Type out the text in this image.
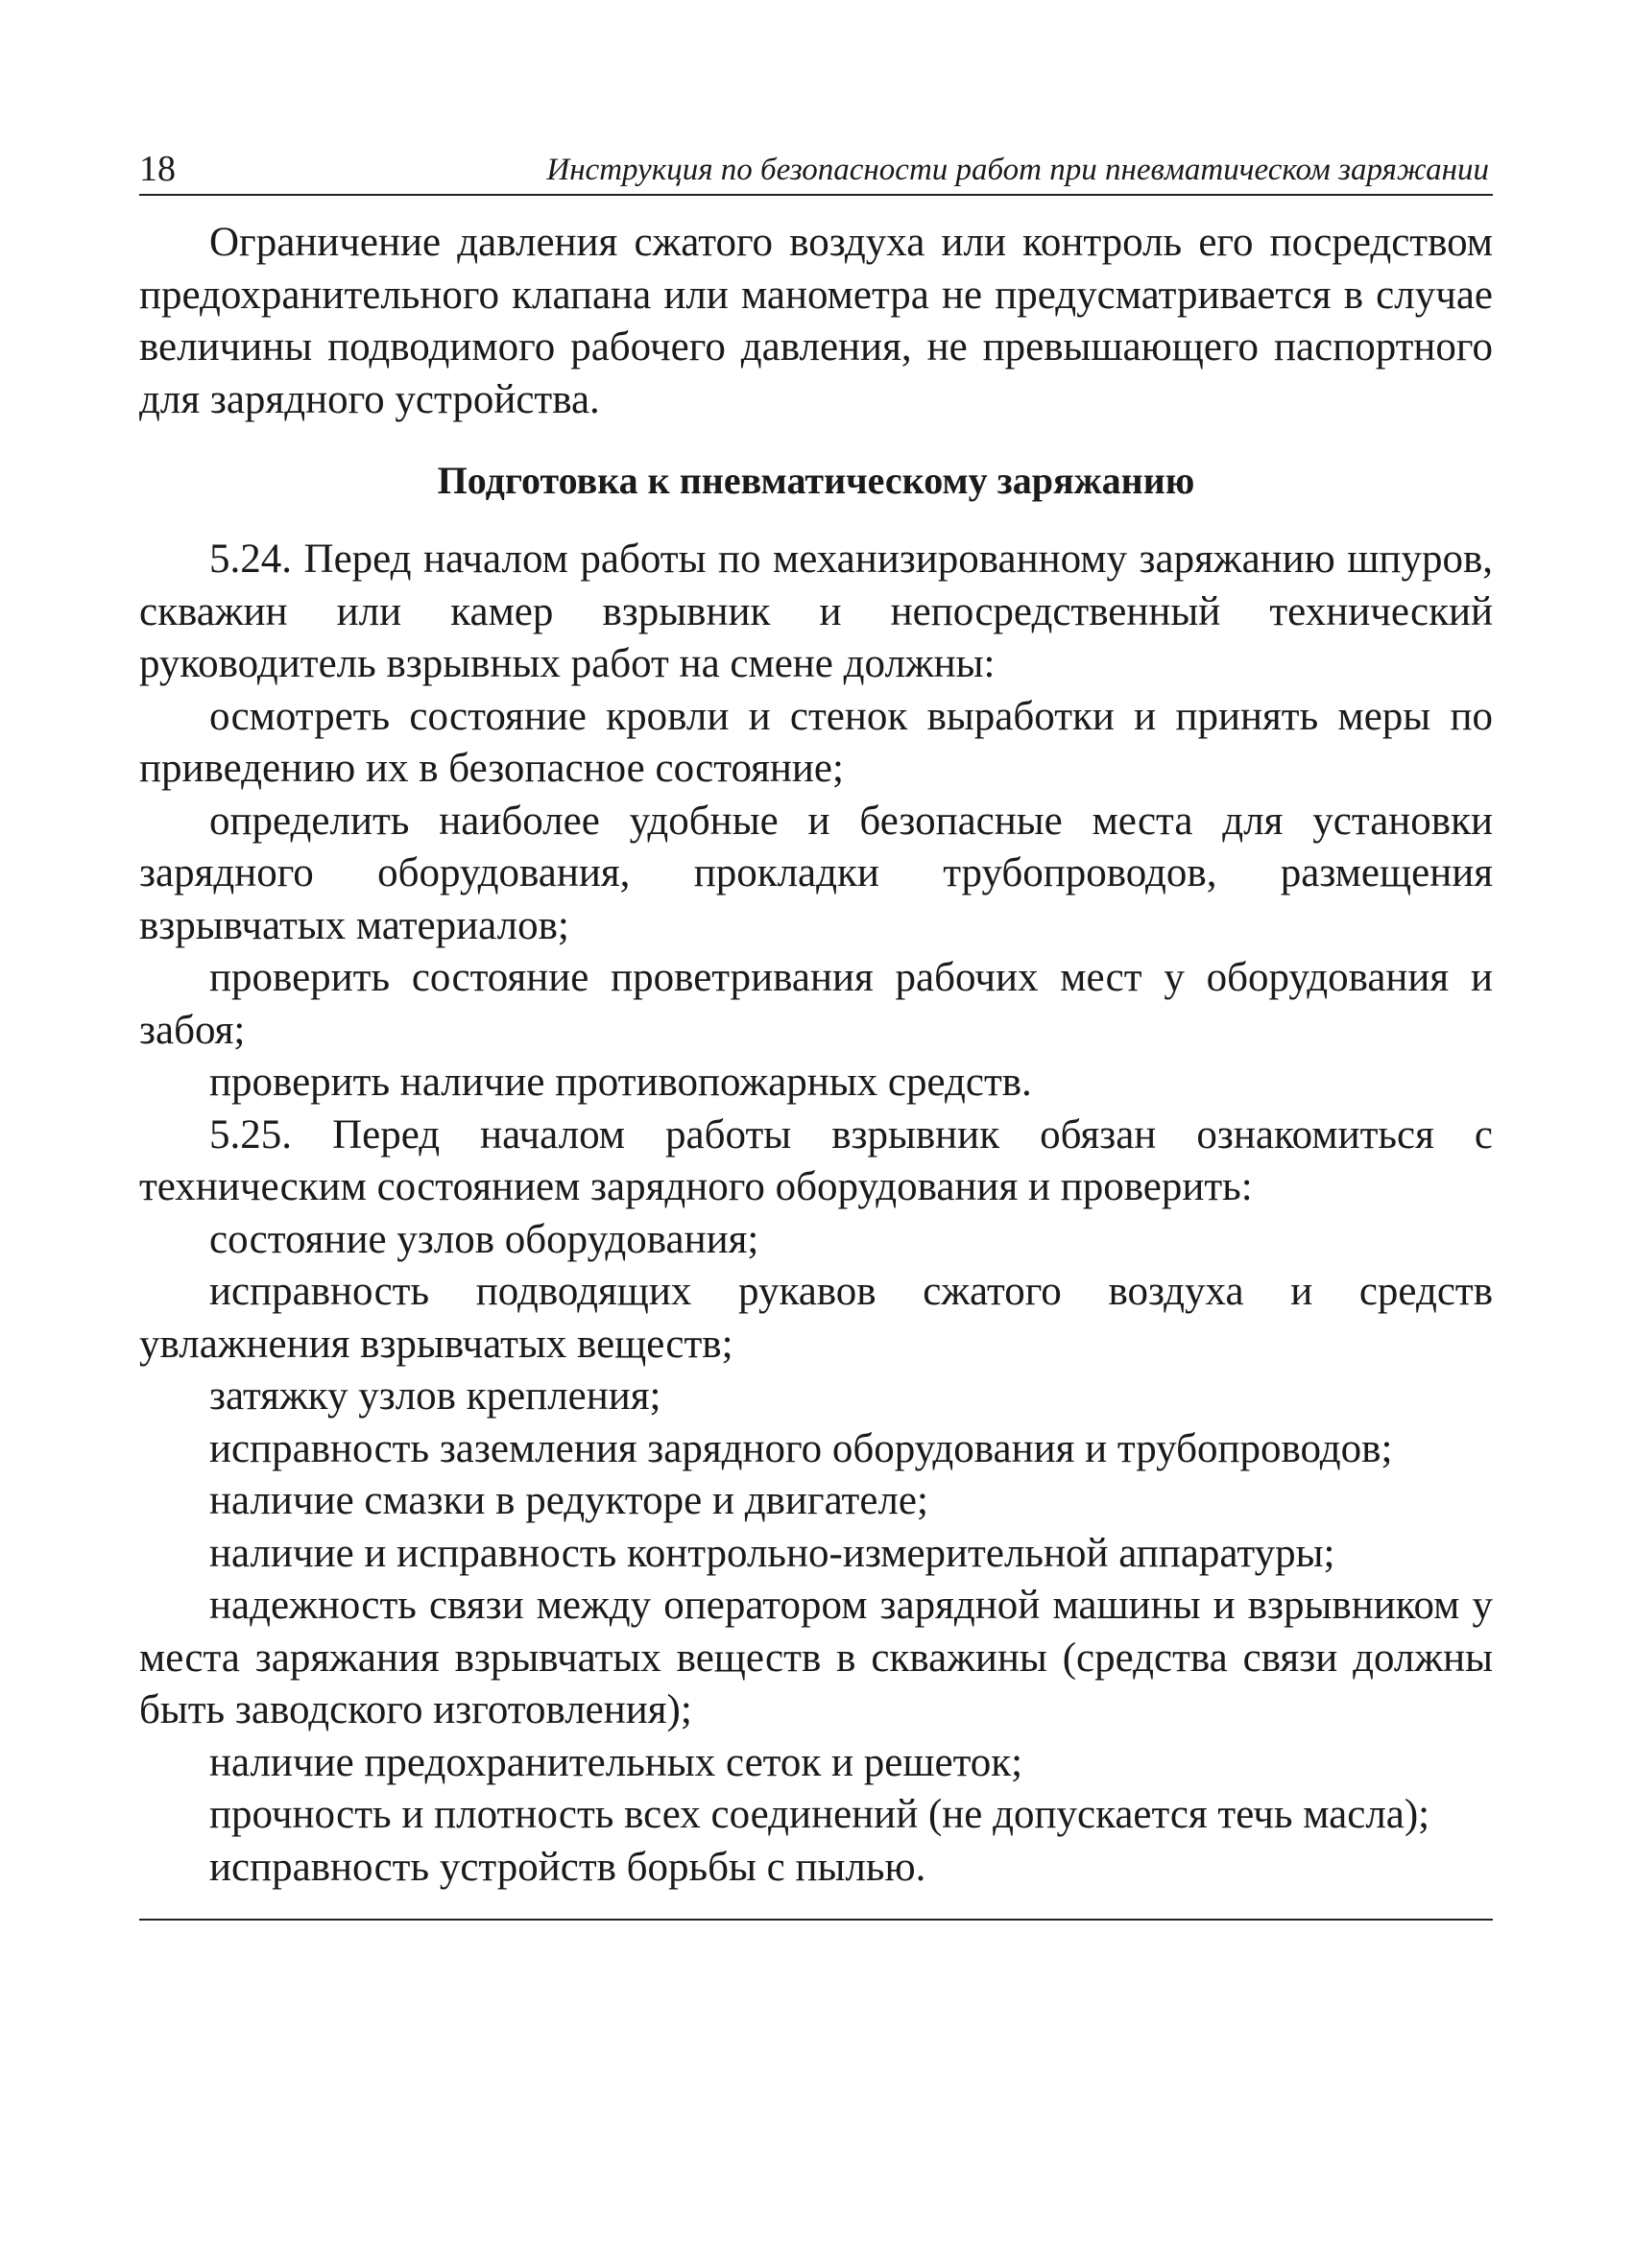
18	Инструкция по безопасности работ при пневматическом заряжании

Ограничение давления сжатого воздуха или контроль его посредством предохранительного клапана или манометра не предусматривается в случае величины подводимого рабочего давления, не превышающего паспортного для зарядного устройства.

Подготовка к пневматическому заряжанию

5.24. Перед началом работы по механизированному заряжанию шпуров, скважин или камер взрывник и непосредственный технический руководитель взрывных работ на смене должны:

осмотреть состояние кровли и стенок выработки и принять меры по приведению их в безопасное состояние;

определить наиболее удобные и безопасные места для установки зарядного оборудования, прокладки трубопроводов, размещения взрывчатых материалов;

проверить состояние проветривания рабочих мест у оборудования и забоя;

проверить наличие противопожарных средств.

5.25. Перед началом работы взрывник обязан ознакомиться с техническим состоянием зарядного оборудования и проверить:

состояние узлов оборудования;

исправность подводящих рукавов сжатого воздуха и средств увлажнения взрывчатых веществ;

затяжку узлов крепления;

исправность заземления зарядного оборудования и трубопроводов;

наличие смазки в редукторе и двигателе;

наличие и исправность контрольно-измерительной аппаратуры;

надежность связи между оператором зарядной машины и взрывником у места заряжания взрывчатых веществ в скважины (средства связи должны быть заводского изготовления);

наличие предохранительных сеток и решеток;

прочность и плотность всех соединений (не допускается течь масла);

исправность устройств борьбы с пылью.
